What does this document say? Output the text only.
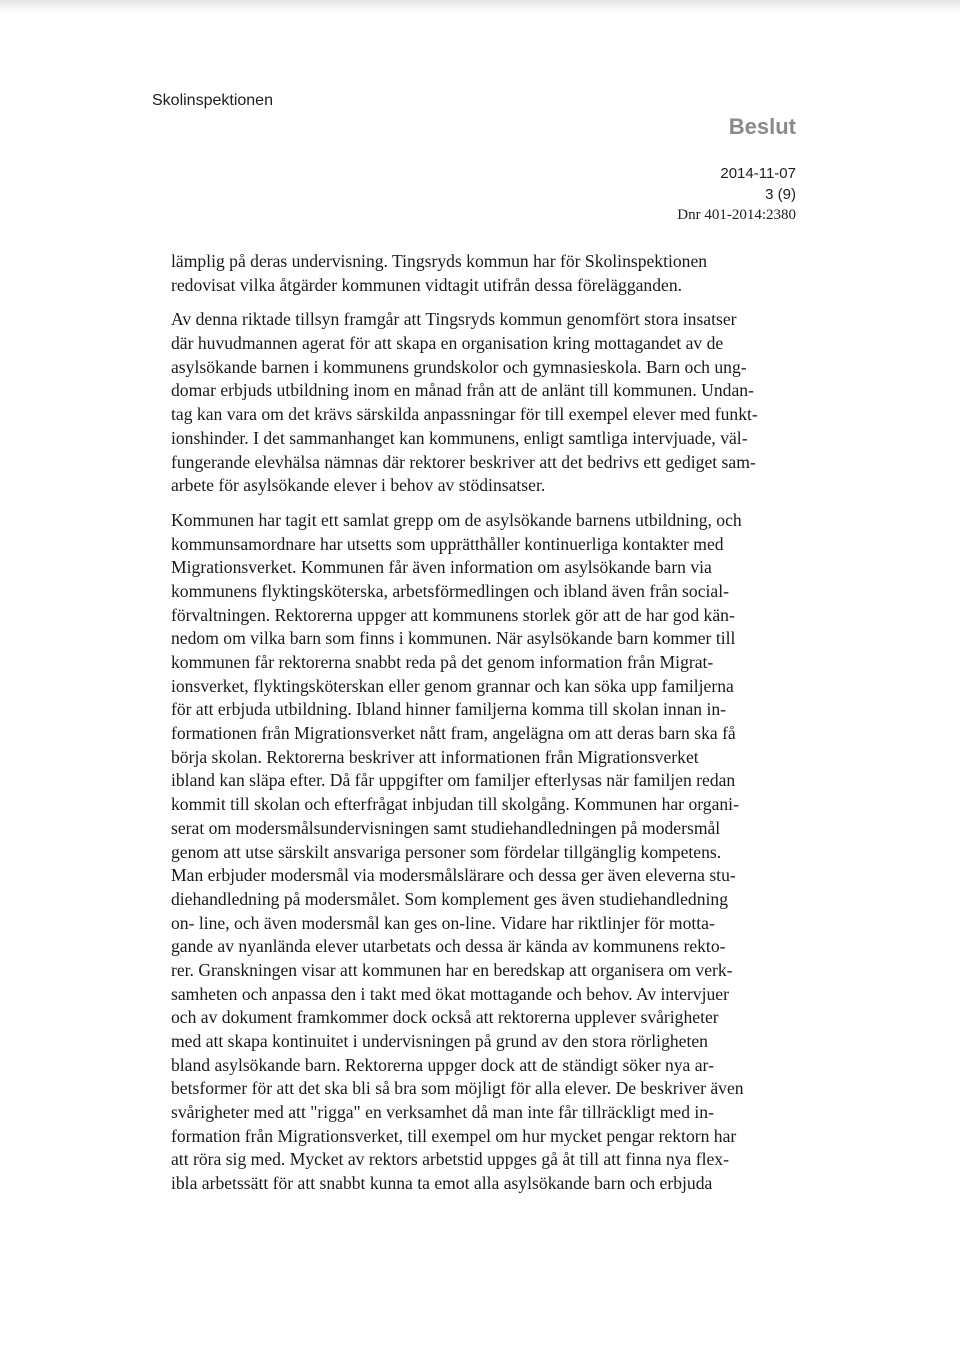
Skolinspektionen
Beslut
2014-11-07
3 (9)
Dnr 401-2014:2380
lämplig på deras undervisning. Tingsryds kommun har för Skolinspektionen
redovisat vilka åtgärder kommunen vidtagit utifrån dessa förelägganden.
Av denna riktade tillsyn framgår att Tingsryds kommun genomfört stora insatser
där huvudmannen agerat för att skapa en organisation kring mottagandet av de
asylsökande barnen i kommunens grundskolor och gymnasieskola. Barn och ung-
domar erbjuds utbildning inom en månad från att de anlänt till kommunen. Undan-
tag kan vara om det krävs särskilda anpassningar för till exempel elever med funkt-
ionshinder. I det sammanhanget kan kommunens, enligt samtliga intervjuade, väl-
fungerande elevhälsa nämnas där rektorer beskriver att det bedrivs ett gediget sam-
arbete för asylsökande elever i behov av stödinsatser.
Kommunen har tagit ett samlat grepp om de asylsökande barnens utbildning, och
kommunsamordnare har utsetts som upprätthåller kontinuerliga kontakter med
Migrationsverket. Kommunen får även information om asylsökande barn via
kommunens flyktingsköterska, arbetsförmedlingen och ibland även från social-
förvaltningen. Rektorerna uppger att kommunens storlek gör att de har god kän-
nedom om vilka barn som finns i kommunen. När asylsökande barn kommer till
kommunen får rektorerna snabbt reda på det genom information från Migrat-
ionsverket, flyktingsköterskan eller genom grannar och kan söka upp familjerna
för att erbjuda utbildning. Ibland hinner familjerna komma till skolan innan in-
formationen från Migrationsverket nått fram, angelägna om att deras barn ska få
börja skolan. Rektorerna beskriver att informationen från Migrationsverket
ibland kan släpa efter. Då får uppgifter om familjer efterlysas när familjen redan
kommit till skolan och efterfrågat inbjudan till skolgång. Kommunen har organi-
serat om modersmålsundervisningen samt studiehandledningen på modersmål
genom att utse särskilt ansvariga personer som fördelar tillgänglig kompetens.
Man erbjuder modersmål via modersmålslärare och dessa ger även eleverna stu-
diehandledning på modersmålet. Som komplement ges även studiehandledning
on- line, och även modersmål kan ges on-line. Vidare har riktlinjer för motta-
gande av nyanlända elever utarbetats och dessa är kända av kommunens rekto-
rer. Granskningen visar att kommunen har en beredskap att organisera om verk-
samheten och anpassa den i takt med ökat mottagande och behov. Av intervjuer
och av dokument framkommer dock också att rektorerna upplever svårigheter
med att skapa kontinuitet i undervisningen på grund av den stora rörligheten
bland asylsökande barn. Rektorerna uppger dock att de ständigt söker nya ar-
betsformer för att det ska bli så bra som möjligt för alla elever. De beskriver även
svårigheter med att "rigga" en verksamhet då man inte får tillräckligt med in-
formation från Migrationsverket, till exempel om hur mycket pengar rektorn har
att röra sig med. Mycket av rektors arbetstid uppges gå åt till att finna nya flex-
ibla arbetssätt för att snabbt kunna ta emot alla asylsökande barn och erbjuda
